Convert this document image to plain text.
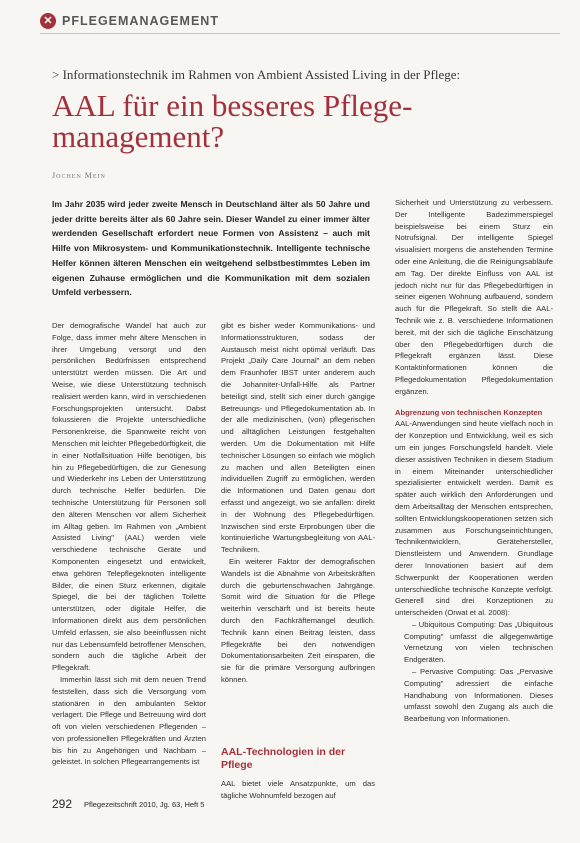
✕ PFLEGEMANAGEMENT
> Informationstechnik im Rahmen von Ambient Assisted Living in der Pflege:
AAL für ein besseres Pflege-
management?
Jochen Mein

Im Jahr 2035 wird jeder zweite Mensch in Deutschland älter als 50 Jahre und jeder dritte bereits älter als 60 Jahre sein. Dieser Wandel zu einer immer älter werdenden Gesellschaft erfordert neue Formen von Assistenz – auch mit Hilfe von Mikrosystem- und Kommunikationstechnik. Intelligente technische Helfer können älteren Menschen ein weitgehend selbstbestimmtes Leben im eigenen Zuhause ermöglichen und die Kommunikation mit dem sozialen Umfeld verbessern.

Der demografische Wandel hat auch zur Folge, dass immer mehr ältere Menschen in ihrer Umgebung versorgt und den persönlichen Bedürfnissen entsprechend unterstützt werden müssen. Die Art und Weise, wie diese Unterstützung technisch realisiert werden kann, wird in verschiedenen Forschungsprojekten untersucht. Dabst fokussieren die Projekte unterschiedliche Personenkreise, die Spannweite reicht von Menschen mit leichter Pflegebedürftigkeit, die in einer Notfallsituation Hilfe benötigen, bis hin zu Pflegebedürftigen, die zur Genesung und Wiederkehr ins Leben der Unterstützung durch technische Helfer bedürfen. Die technische Unterstützung für Personen soll den älteren Menschen vor allem Sicherheit im Alltag geben. Im Rahmen von „Ambient Assisted Living" (AAL) werden viele verschiedene technische Geräte und Komponenten eingesetzt und entwickelt, etwa gehören Telepflegeknoten intelligente Bilder, die einen Sturz erkennen, digitale Spiegel, die bei der täglichen Toilette unterstützen, oder digitale Helfer, die Informationen direkt aus dem persönlichen Umfeld erfassen, sie also beeinflussen nicht nur das Lebensumfeld betroffener Menschen, sondern auch die tägliche Arbeit der Pflegekraft.

Immerhin lässt sich mit dem neuen Trend feststellen, dass sich die Versorgung vom stationären in den ambulanten Sektor verlagert. Die Pflege und Betreuung wird dort oft von vielen verschiedenen Pflegenden – von professionellen Pflegekräften und Ärzten bis hin zu Angehörigen und Nachbarn – geleistet. In solchen Pflegearrangements ist

gibt es bisher weder Kommunikations- und Informationsstrukturen, sodass der Austausch meist nicht optimal verläuft. Das Projekt „Daily Care Journal" an dem neben dem Fraunhofer IBST unter anderem auch die Johanniter-Unfall-Hilfe als Partner beteiligt sind, stellt sich einer durch gängige Betreuungs- und Pflegedokumentation ab. In der alle medizinischen, (von) pflegerischen und alltäglichen Leistungen festgehalten werden. Um die Dokumentation mit Hilfe technischer Lösungen so einfach wie möglich zu machen und allen Beteiligten einen individuellen Zugriff zu ermöglichen, werden die Informationen und Daten genau dort erfasst und angezeigt, wo sie anfallen: direkt in der Wohnung des Pflegebedürftigen. Inzwischen sind erste Erprobungen über die kontinuierliche Wartungsbegleitung von AAL-Technikern.

Ein weiterer Faktor der demografischen Wandels ist die Abnahme von Arbeitskräften durch die geburtenschwachen Jahrgänge. Somit wird die Situation für die Pflege weiterhin verschärft und ist bereits heute durch den Fachkräftemangel deutlich. Technik kann einen Beitrag leisten, dass Pflegekräfte bei den notwendigen Dokumentationsarbeiten Zeit einsparen, die sie für die primäre Versorgung aufbringen können.

AAL-Technologien in der Pflege

AAL bietet viele Ansatzpunkte, um das tägliche Wohnumfeld bezogen auf

Sicherheit und Unterstützung zu verbessern. Der Intelligente Badezimmerspiegel beispielsweise bei einem Sturz ein Notrufsignal. Der intelligente Spiegel visualisiert morgens die anstehenden Termine oder eine Anleitung, die die Reinigungsabläufe am Tag. Der direkte Einfluss von AAL ist jedoch nicht nur für das Pflegebedürftigen in seiner eigenen Wohnung aufbauend, sondern auch für die Pflegekraft. So stellt die AAL-Technik wie z. B. verschiedene Informationen bereit, mit der sich die tägliche Einschätzung über den Pflegebedürftigen durch die Pflegekraft ergänzen lässt. Diese Kontaktinformationen können die Pflegedokumentation Pflegedokumentation ergänzen.

Abgrenzung von technischen Konzepten

AAL-Anwendungen sind heute vielfach noch in der Konzeption und Entwicklung, weil es sich um ein junges Forschungsfeld handelt. Viele dieser assistiven Techniken in diesem Stadium in einem Miteinander unterschiedlicher spezialisierter entwickelt werden. Damit es später auch wirklich den Anforderungen und dem Arbeitsalltag der Menschen entsprechen, sollten Entwicklungskooperationen setzen sich zusammen aus Forschungseinrichtungen, Technikentwicklern, Gerätehersteller, Dienstleistern und Anwendern. Grundlage derer Innovationen basiert auf dem Schwerpunkt der Kooperationen werden unterschiedliche technische Konzepte verfolgt. Generell sind drei Konzeptionen zu unterscheiden (Orwat et al. 2008):

– Ubiquitous Computing: Das „Ubiquitous Computing" umfasst die allgegenwärtige Vernetzung von vielen technischen Endgeräten.

– Pervasive Computing: Das „Pervasive Computing" adressiert die einfache Handhabung von Informationen. Dieses umfasst sowohl den Zugang als auch die Bearbeitung von Informationen.

292 Pflegezeitschrift 2010, Jg. 63, Heft 5
